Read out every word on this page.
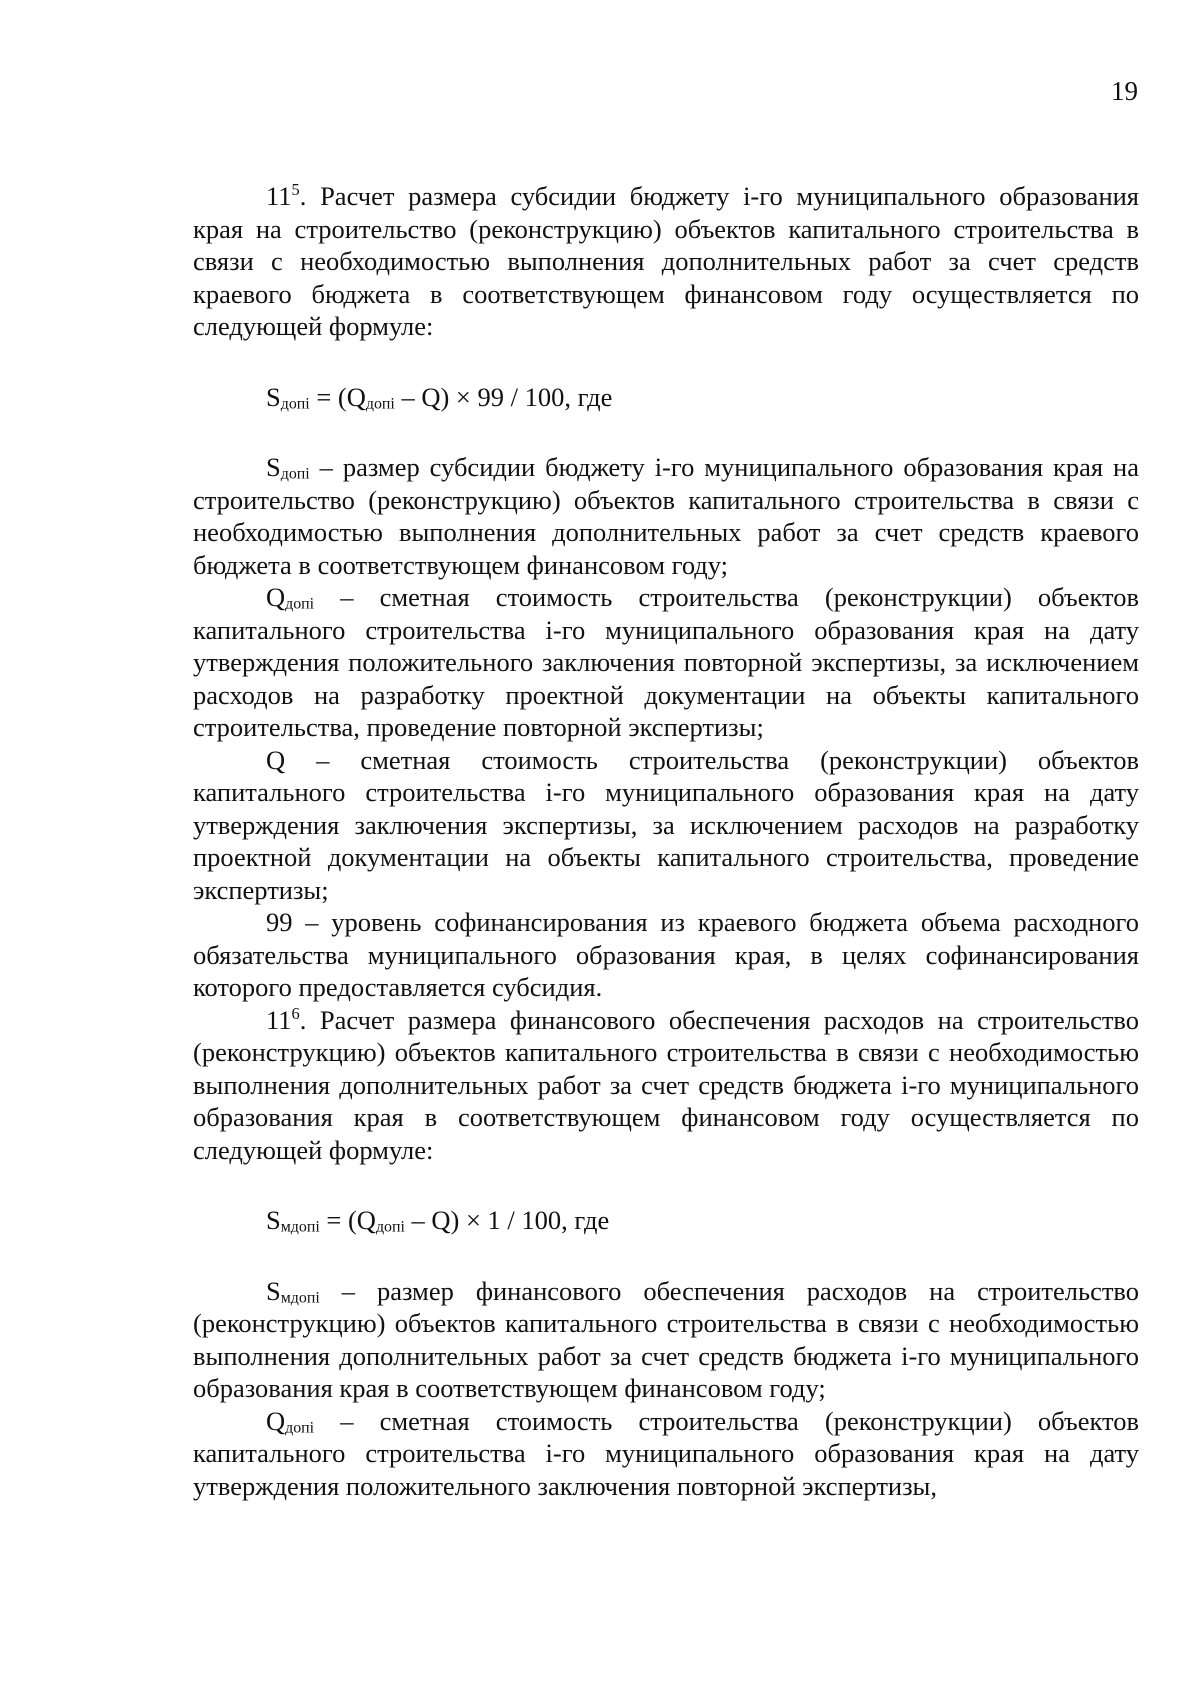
19

$11^5$. Расчет размера субсидии бюджету і-го муниципального образования края на строительство (реконструкцию) объектов капитального строительства в связи с необходимостью выполнения дополнительных работ за счет средств краевого бюджета в соответствующем финансовом году осуществляется по следующей формуле:

$S_{дoпi} = (Q_{дoпi} - Q) \times 99 / 100$, где

$S_{дoпi}$ – размер субсидии бюджету і-го муниципального образования края на строительство (реконструкцию) объектов капитального строительства в связи с необходимостью выполнения дополнительных работ за счет средств краевого бюджета в соответствующем финансовом году;

$Q_{дoпi}$ – сметная стоимость строительства (реконструкции) объектов капитального строительства і-го муниципального образования края на дату утверждения положительного заключения повторной экспертизы, за исключением расходов на разработку проектной документации на объекты капитального строительства, проведение повторной экспертизы;

Q – сметная стоимость строительства (реконструкции) объектов капитального строительства і-го муниципального образования края на дату утверждения заключения экспертизы, за исключением расходов на разработку проектной документации на объекты капитального строительства, проведение экспертизы;

99 – уровень софинансирования из краевого бюджета объема расходного обязательства муниципального образования края, в целях софинансирования которого предоставляется субсидия.

$11^6$. Расчет размера финансового обеспечения расходов на строительство (реконструкцию) объектов капитального строительства в связи с необходимостью выполнения дополнительных работ за счет средств бюджета і-го муниципального образования края в соответствующем финансовом году осуществляется по следующей формуле:

$S_{мдoпi} = (Q_{дoпi} - Q) \times 1 / 100$, где

$S_{мдoпi}$ – размер финансового обеспечения расходов на строительство (реконструкцию) объектов капитального строительства в связи с необходимостью выполнения дополнительных работ за счет средств бюджета і-го муниципального образования края в соответствующем финансовом году;

$Q_{дoпi}$ – сметная стоимость строительства (реконструкции) объектов капитального строительства і-го муниципального образования края на дату утверждения положительного заключения повторной экспертизы,
